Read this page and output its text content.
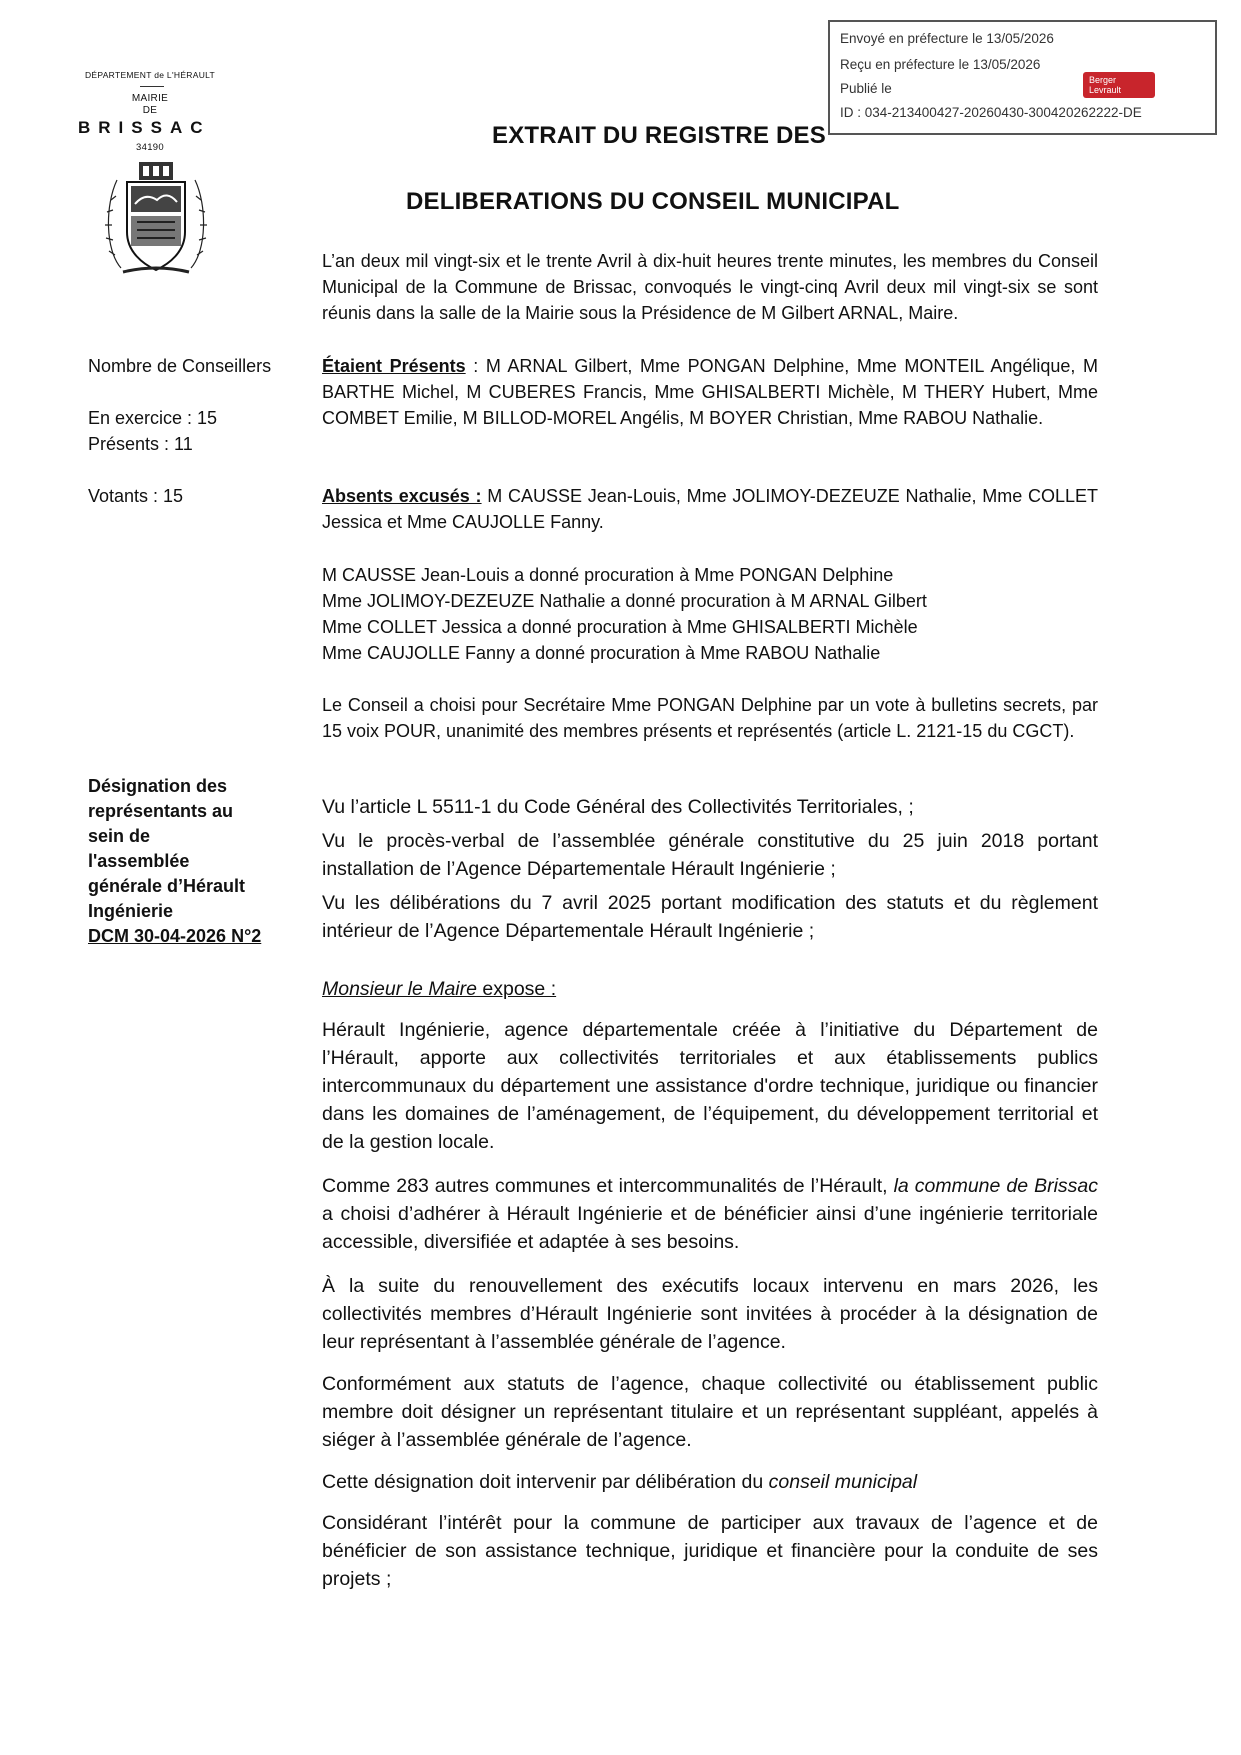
Envoyé en préfecture le 13/05/2026
Reçu en préfecture le 13/05/2026
Publié le
ID : 034-213400427-20260430-300420262222-DE
Berger
Levrault
DÉPARTEMENT de L'HÉRAULT
MAIRIE
DE
BRISSAC
34190	EXTRAIT DU REGISTRE DES
DELIBERATIONS DU CONSEIL MUNICIPAL
L’an deux mil vingt-six et le trente Avril à dix-huit heures trente minutes, les membres du Conseil Municipal de la Commune de Brissac, convoqués le vingt-cinq Avril deux mil vingt-six se sont réunis dans la salle de la Mairie sous la Présidence de M Gilbert ARNAL, Maire.
Nombre de Conseillers
En exercice : 15
Présents : 11
Votants : 15
Étaient Présents : M ARNAL Gilbert, Mme PONGAN Delphine, Mme MONTEIL Angélique, M BARTHE Michel, M CUBERES Francis, Mme GHISALBERTI Michèle, M THERY Hubert, Mme COMBET Emilie, M BILLOD-MOREL Angélis, M BOYER Christian, Mme RABOU Nathalie.
Absents excusés : M CAUSSE Jean-Louis, Mme JOLIMOY-DEZEUZE Nathalie, Mme COLLET Jessica et Mme CAUJOLLE Fanny.
M CAUSSE Jean-Louis a donné procuration à Mme PONGAN Delphine
Mme JOLIMOY-DEZEUZE Nathalie a donné procuration à M ARNAL Gilbert
Mme COLLET Jessica a donné procuration à Mme GHISALBERTI Michèle
Mme CAUJOLLE Fanny a donné procuration à Mme RABOU Nathalie
Le Conseil a choisi pour Secrétaire Mme PONGAN Delphine par un vote à bulletins secrets, par 15 voix POUR, unanimité des membres présents et représentés (article L. 2121-15 du CGCT).
Désignation des
représentants au
sein de
l'assemblée
générale d’Hérault
Ingénierie
DCM 30-04-2026 N°2
Vu l’article L 5511-1 du Code Général des Collectivités Territoriales, ;
Vu le procès-verbal de l’assemblée générale constitutive du 25 juin 2018 portant installation de l’Agence Départementale Hérault Ingénierie ;
Vu les délibérations du 7 avril 2025 portant modification des statuts et du règlement intérieur de l’Agence Départementale Hérault Ingénierie ;
Monsieur le Maire expose :
Hérault Ingénierie, agence départementale créée à l’initiative du Département de l’Hérault, apporte aux collectivités territoriales et aux établissements publics intercommunaux du département une assistance d'ordre technique, juridique ou financier dans les domaines de l’aménagement, de l’équipement, du développement territorial et de la gestion locale.
Comme 283 autres communes et intercommunalités de l’Hérault, la commune de Brissac a choisi d’adhérer à Hérault Ingénierie et de bénéficier ainsi d’une ingénierie territoriale accessible, diversifiée et adaptée à ses besoins.
À la suite du renouvellement des exécutifs locaux intervenu en mars 2026, les collectivités membres d’Hérault Ingénierie sont invitées à procéder à la désignation de leur représentant à l’assemblée générale de l’agence.
Conformément aux statuts de l’agence, chaque collectivité ou établissement public membre doit désigner un représentant titulaire et un représentant suppléant, appelés à siéger à l’assemblée générale de l’agence.
Cette désignation doit intervenir par délibération du conseil municipal
Considérant l’intérêt pour la commune de participer aux travaux de l’agence et de bénéficier de son assistance technique, juridique et financière pour la conduite de ses projets ;
